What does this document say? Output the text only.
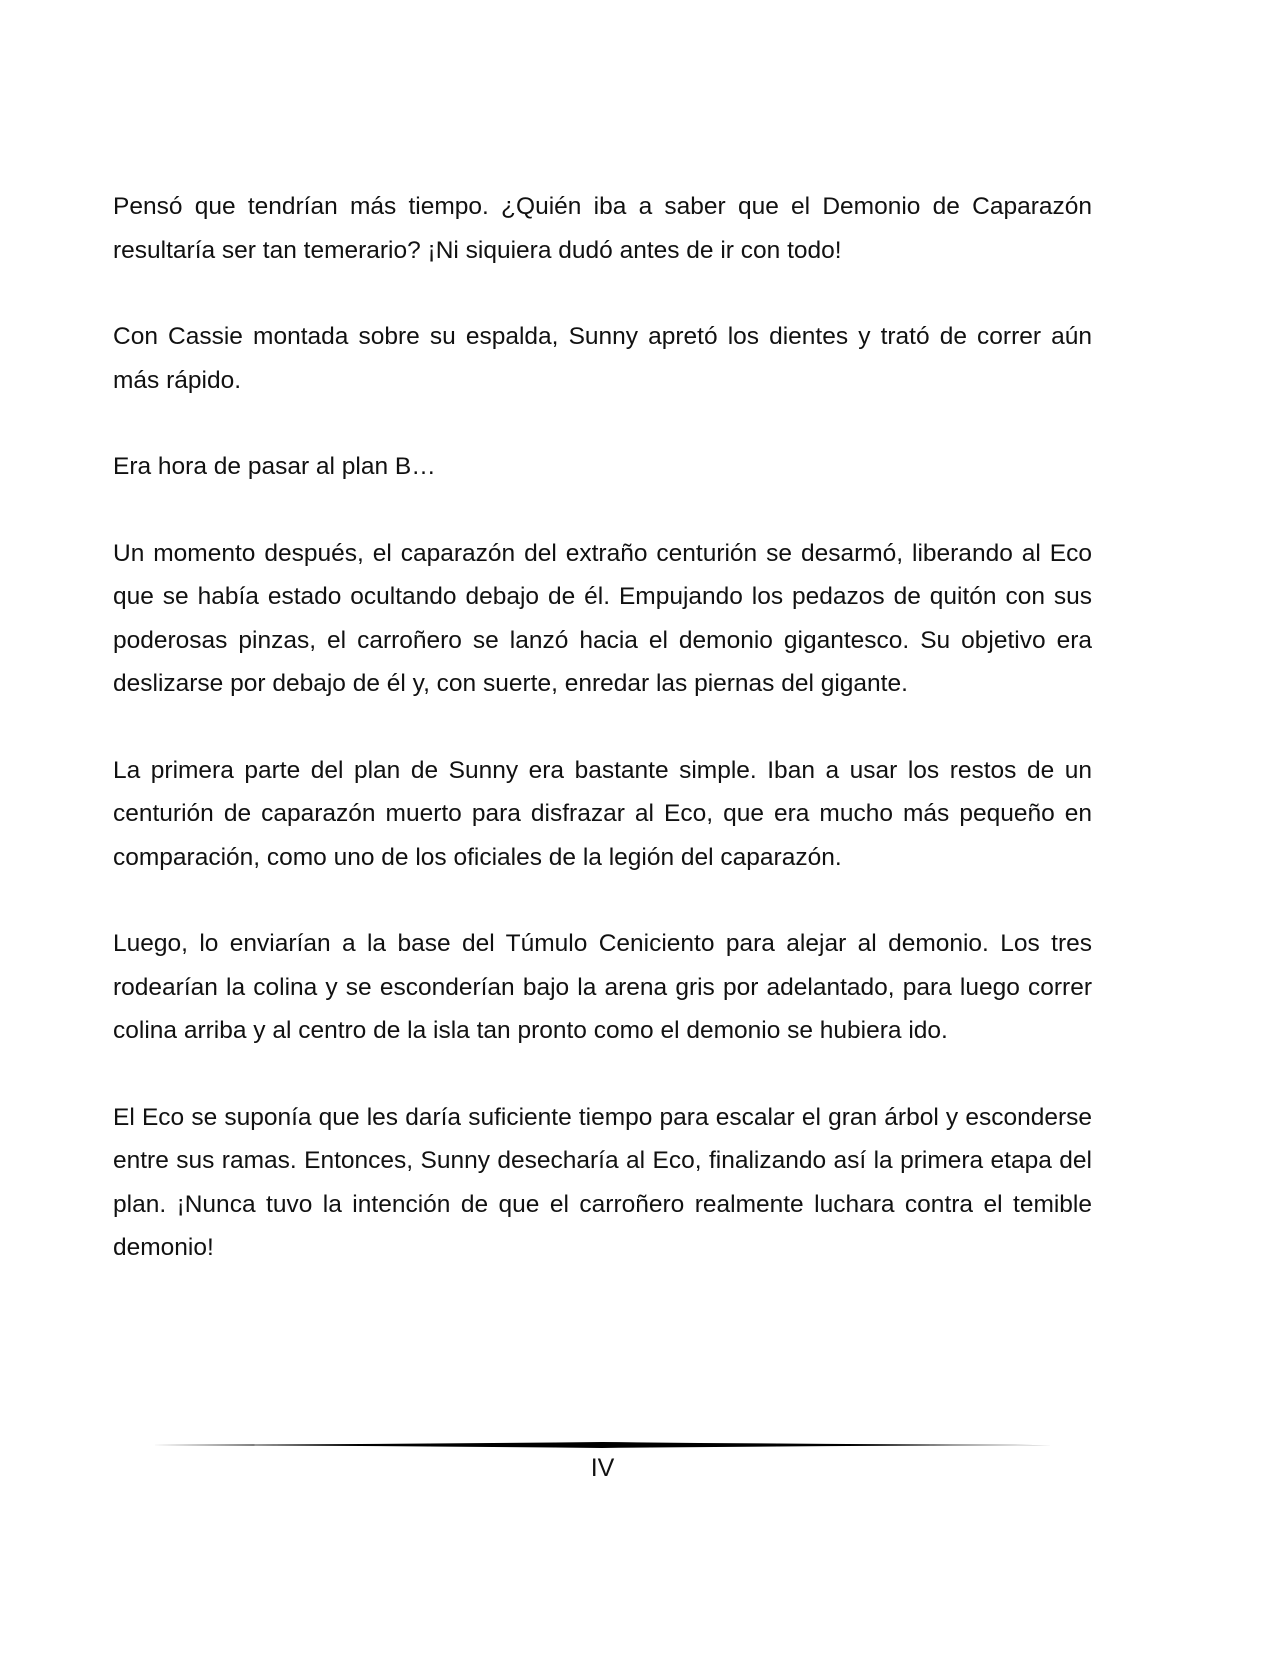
Pensó que tendrían más tiempo. ¿Quién iba a saber que el Demonio de Caparazón resultaría ser tan temerario? ¡Ni siquiera dudó antes de ir con todo!

Con Cassie montada sobre su espalda, Sunny apretó los dientes y trató de correr aún más rápido.

Era hora de pasar al plan B…

Un momento después, el caparazón del extraño centurión se desarmó, liberando al Eco que se había estado ocultando debajo de él. Empujando los pedazos de quitón con sus poderosas pinzas, el carroñero se lanzó hacia el demonio gigantesco. Su objetivo era deslizarse por debajo de él y, con suerte, enredar las piernas del gigante.

La primera parte del plan de Sunny era bastante simple. Iban a usar los restos de un centurión de caparazón muerto para disfrazar al Eco, que era mucho más pequeño en comparación, como uno de los oficiales de la legión del caparazón.

Luego, lo enviarían a la base del Túmulo Ceniciento para alejar al demonio. Los tres rodearían la colina y se esconderían bajo la arena gris por adelantado, para luego correr colina arriba y al centro de la isla tan pronto como el demonio se hubiera ido.

El Eco se suponía que les daría suficiente tiempo para escalar el gran árbol y esconderse entre sus ramas. Entonces, Sunny desecharía al Eco, finalizando así la primera etapa del plan. ¡Nunca tuvo la intención de que el carroñero realmente luchara contra el temible demonio!

IV
